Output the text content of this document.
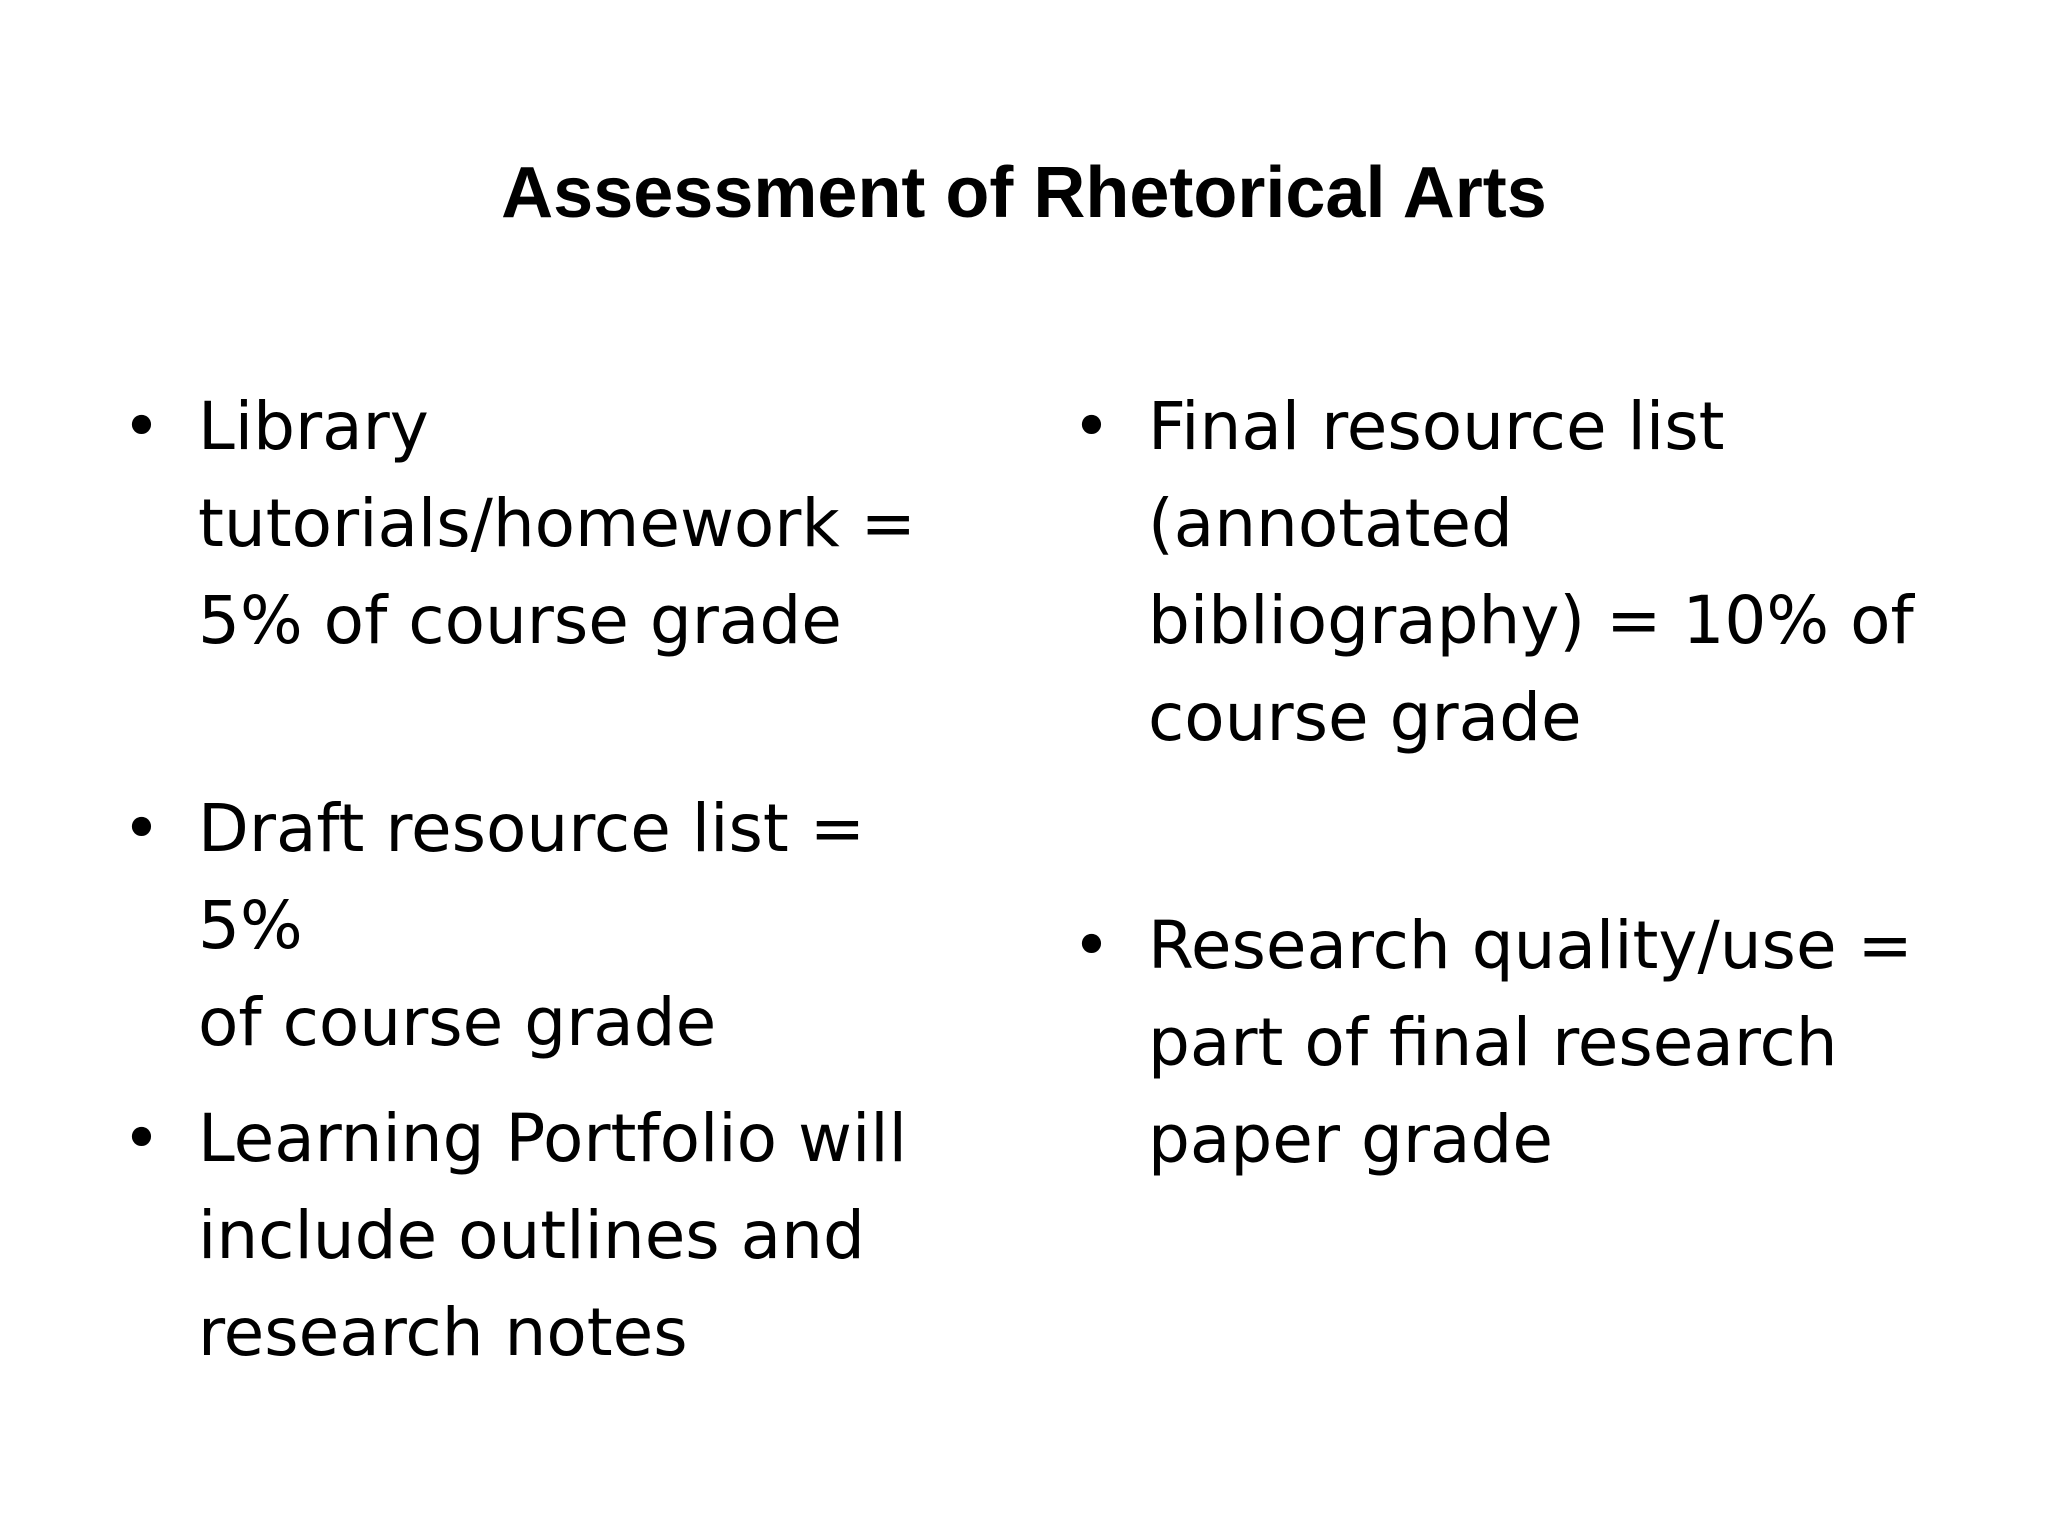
Assessment of Rhetorical Arts
• Library
tutorials/homework =
5% of course grade
• Draft resource list = 5%
of course grade
• Learning Portfolio will
include outlines and
research notes
• Final resource list
(annotated
bibliography) = 10% of
course grade
• Research quality/use =
part of final research
paper grade
